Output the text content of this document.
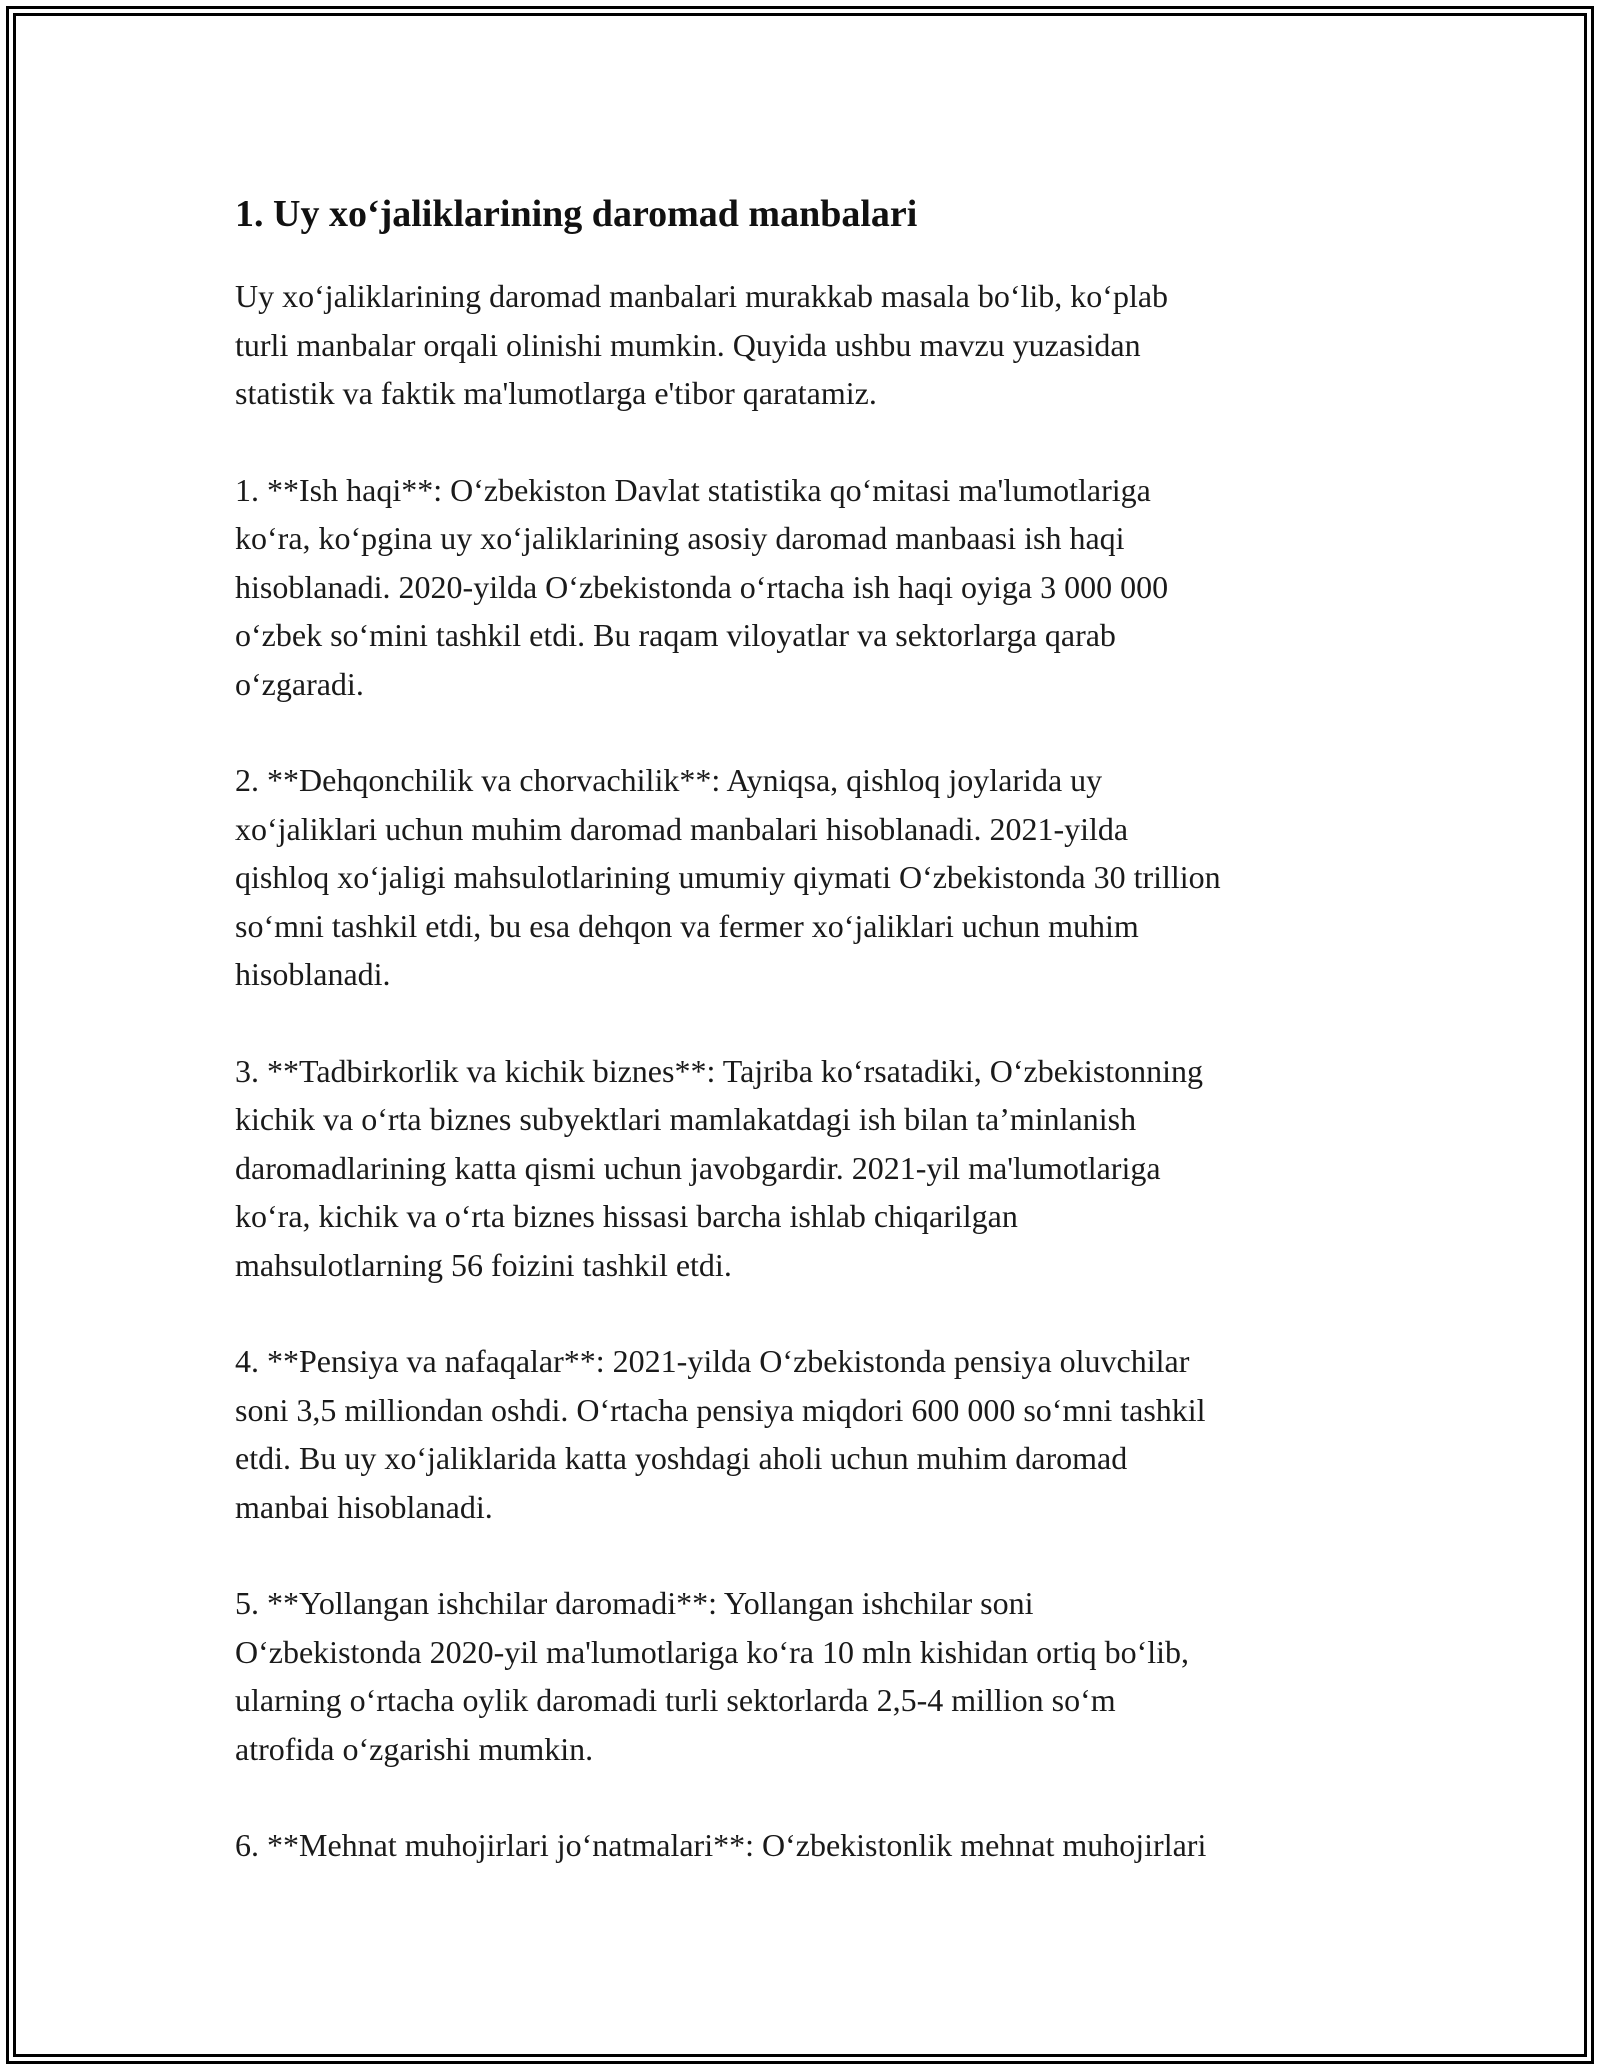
1. Uy xo‘jaliklarining daromad manbalari

Uy xo‘jaliklarining daromad manbalari murakkab masala bo‘lib, ko‘plab
turli manbalar orqali olinishi mumkin. Quyida ushbu mavzu yuzasidan
statistik va faktik ma'lumotlarga e'tibor qaratamiz.

1. **Ish haqi**: O‘zbekiston Davlat statistika qo‘mitasi ma'lumotlariga
ko‘ra, ko‘pgina uy xo‘jaliklarining asosiy daromad manbaasi ish haqi
hisoblanadi. 2020-yilda O‘zbekistonda o‘rtacha ish haqi oyiga 3 000 000
o‘zbek so‘mini tashkil etdi. Bu raqam viloyatlar va sektorlarga qarab
o‘zgaradi.

2. **Dehqonchilik va chorvachilik**: Ayniqsa, qishloq joylarida uy
xo‘jaliklari uchun muhim daromad manbalari hisoblanadi. 2021-yilda
qishloq xo‘jaligi mahsulotlarining umumiy qiymati O‘zbekistonda 30 trillion
so‘mni tashkil etdi, bu esa dehqon va fermer xo‘jaliklari uchun muhim
hisoblanadi.

3. **Tadbirkorlik va kichik biznes**: Tajriba ko‘rsatadiki, O‘zbekistonning
kichik va o‘rta biznes subyektlari mamlakatdagi ish bilan ta’minlanish
daromadlarining katta qismi uchun javobgardir. 2021-yil ma'lumotlariga
ko‘ra, kichik va o‘rta biznes hissasi barcha ishlab chiqarilgan
mahsulotlarning 56 foizini tashkil etdi.

4. **Pensiya va nafaqalar**: 2021-yilda O‘zbekistonda pensiya oluvchilar
soni 3,5 milliondan oshdi. O‘rtacha pensiya miqdori 600 000 so‘mni tashkil
etdi. Bu uy xo‘jaliklarida katta yoshdagi aholi uchun muhim daromad
manbai hisoblanadi.

5. **Yollangan ishchilar daromadi**: Yollangan ishchilar soni
O‘zbekistonda 2020-yil ma'lumotlariga ko‘ra 10 mln kishidan ortiq bo‘lib,
ularning o‘rtacha oylik daromadi turli sektorlarda 2,5-4 million so‘m
atrofida o‘zgarishi mumkin.

6. **Mehnat muhojirlari jo‘natmalari**: O‘zbekistonlik mehnat muhojirlari
